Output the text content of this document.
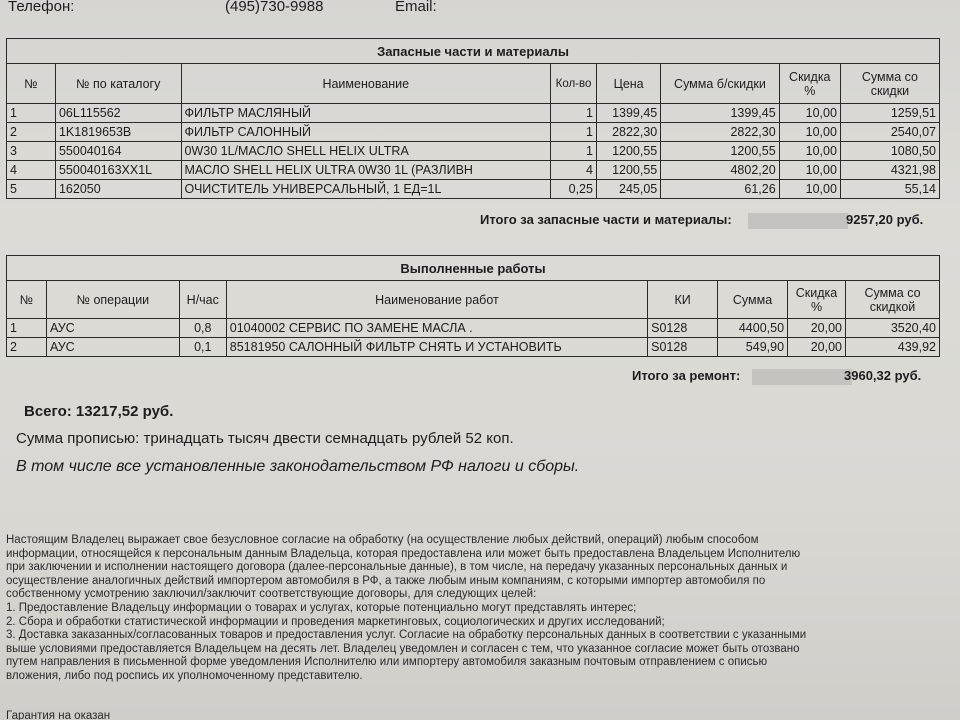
Телефон:	(495)730-9988	Email:
Запасные части и материалы							
№	№ по каталогу	Наименование	Кол-во	Цена	Сумма б/скидки	Скидка %	Сумма со скидки
1	06L115562	ФИЛЬТР МАСЛЯНЫЙ	1	1399,45	1399,45	10,00	1259,51
2	1K1819653B	ФИЛЬТР САЛОННЫЙ	1	2822,30	2822,30	10,00	2540,07
3	550040164	0W30 1L/МАСЛО SHELL HELIX ULTRA	1	1200,55	1200,55	10,00	1080,50
4	550040163XX1L	МАСЛО SHELL HELIX ULTRA 0W30 1L (РАЗЛИВН	4	1200,55	4802,20	10,00	4321,98
5	162050	ОЧИСТИТЕЛЬ УНИВЕРСАЛЬНЫЙ, 1 ЕД=1L	0,25	245,05	61,26	10,00	55,14
Итого за запасные части и материалы:	9257,20 руб.
Выполненные работы							
№	№ операции	Н/час	Наименование работ	КИ	Сумма	Скидка %	Сумма со скидкой
1	АУС	0,8	01040002 СЕРВИС ПО ЗАМЕНЕ МАСЛА .	S0128	4400,50	20,00	3520,40
2	АУС	0,1	85181950 САЛОННЫЙ ФИЛЬТР СНЯТЬ И УСТАНОВИТЬ	S0128	549,90	20,00	439,92
Итого за ремонт:	3960,32 руб.
Всего: 13217,52 руб.
Сумма прописью: тринадцать тысяч двести семнадцать рублей 52 коп.
В том числе все установленные законодательством РФ налоги и сборы.
Настоящим Владелец выражает свое безусловное согласие на обработку (на осуществление любых действий, операций) любым способом
информации, относящейся к персональным данным Владельца, которая предоставлена или может быть предоставлена Владельцем Исполнителю
при заключении и исполнении настоящего договора (далее-персональные данные), в том числе, на передачу указанных персональных данных и
осуществление аналогичных действий импортером автомобиля в РФ, а также любым иным компаниям, с которыми импортер автомобиля по
собственному усмотрению заключил/заключит соответствующие договоры, для следующих целей:
1. Предоставление Владельцу информации о товарах и услугах, которые потенциально могут представлять интерес;
2. Сбора и обработки статистической информации и проведения маркетинговых, социологических и других исследований;
3. Доставка заказанных/согласованных товаров и предоставления услуг. Согласие на обработку персональных данных в соответствии с указанными
выше условиями предоставляется Владельцем на десять лет. Владелец уведомлен и согласен с тем, что указанное согласие может быть отозвано
путем направления в письменной форме уведомления Исполнителю или импортеру автомобиля заказным почтовым отправлением с описью
вложения, либо под роспись их уполномоченному представителю.
Гарантия на оказан
